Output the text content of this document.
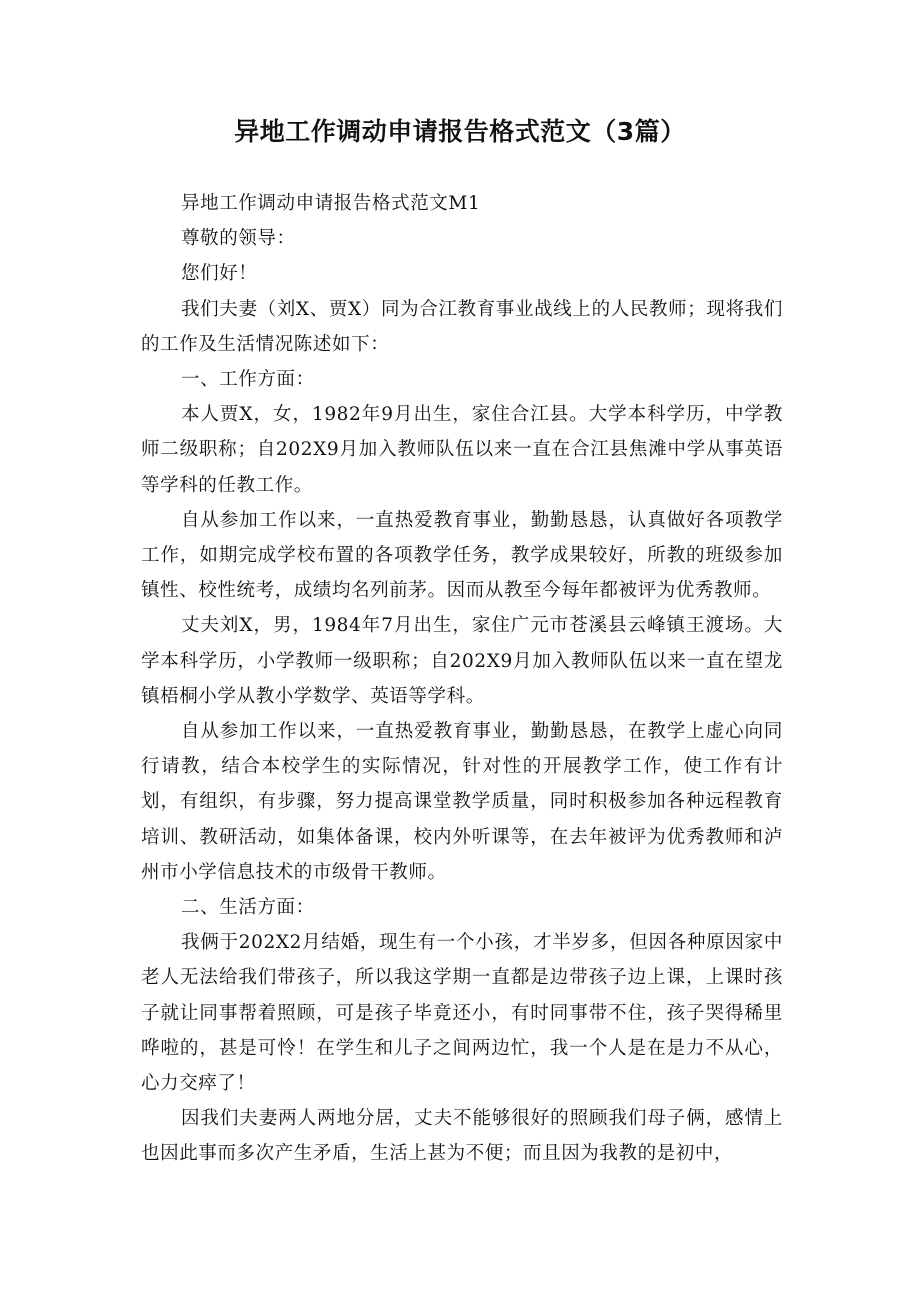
异地工作调动申请报告格式范文（3篇）

异地工作调动申请报告格式范文M1

尊敬的领导：

您们好！

我们夫妻（刘X、贾X）同为合江教育事业战线上的人民教师；现将我们的工作及生活情况陈述如下：

一、工作方面：

本人贾X，女，1982年9月出生，家住合江县。大学本科学历，中学教师二级职称；自202X9月加入教师队伍以来一直在合江县焦滩中学从事英语等学科的任教工作。

自从参加工作以来，一直热爱教育事业，勤勤恳恳，认真做好各项教学工作，如期完成学校布置的各项教学任务，教学成果较好，所教的班级参加镇性、校性统考，成绩均名列前茅。因而从教至今每年都被评为优秀教师。

丈夫刘X，男，1984年7月出生，家住广元市苍溪县云峰镇王渡场。大学本科学历，小学教师一级职称；自202X9月加入教师队伍以来一直在望龙镇梧桐小学从教小学数学、英语等学科。

自从参加工作以来，一直热爱教育事业，勤勤恳恳，在教学上虚心向同行请教，结合本校学生的实际情况，针对性的开展教学工作，使工作有计划，有组织，有步骤，努力提高课堂教学质量，同时积极参加各种远程教育培训、教研活动，如集体备课，校内外听课等，在去年被评为优秀教师和泸州市小学信息技术的市级骨干教师。

二、生活方面：

我俩于202X2月结婚，现生有一个小孩，才半岁多，但因各种原因家中老人无法给我们带孩子，所以我这学期一直都是边带孩子边上课，上课时孩子就让同事帮着照顾，可是孩子毕竟还小，有时同事带不住，孩子哭得稀里哗啦的，甚是可怜！在学生和儿子之间两边忙，我一个人是在是力不从心，心力交瘁了！

因我们夫妻两人两地分居，丈夫不能够很好的照顾我们母子俩，感情上也因此事而多次产生矛盾，生活上甚为不便；而且因为我教的是初中，
